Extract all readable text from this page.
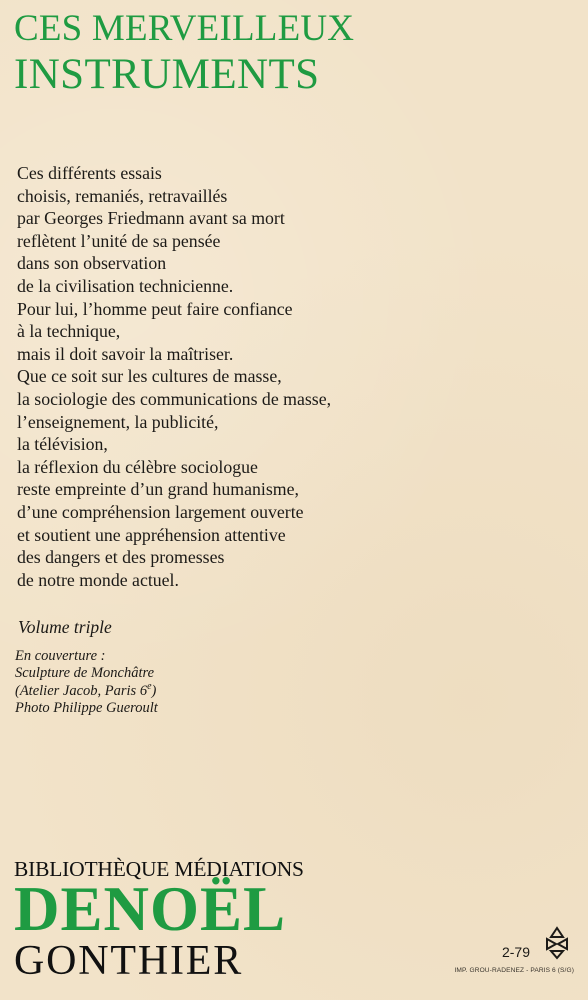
CES MERVEILLEUX
INSTRUMENTS
Ces différents essais
choisis, remaniés, retravaillés
par Georges Friedmann avant sa mort
reflètent l’unité de sa pensée
dans son observation
de la civilisation technicienne.
Pour lui, l’homme peut faire confiance
à la technique,
mais il doit savoir la maîtriser.
Que ce soit sur les cultures de masse,
la sociologie des communications de masse,
l’enseignement, la publicité,
la télévision,
la réflexion du célèbre sociologue
reste empreinte d’un grand humanisme,
d’une compréhension largement ouverte
et soutient une appréhension attentive
des dangers et des promesses
de notre monde actuel.
Volume triple
En couverture :
Sculpture de Monchâtre
(Atelier Jacob, Paris 6e)
Photo Philippe Gueroult
BIBLIOTHÈQUE MÉDIATIONS
DENOËL
GONTHIER	2-79
IMP. GROU-RADENEZ - PARIS 6 (S/G)
